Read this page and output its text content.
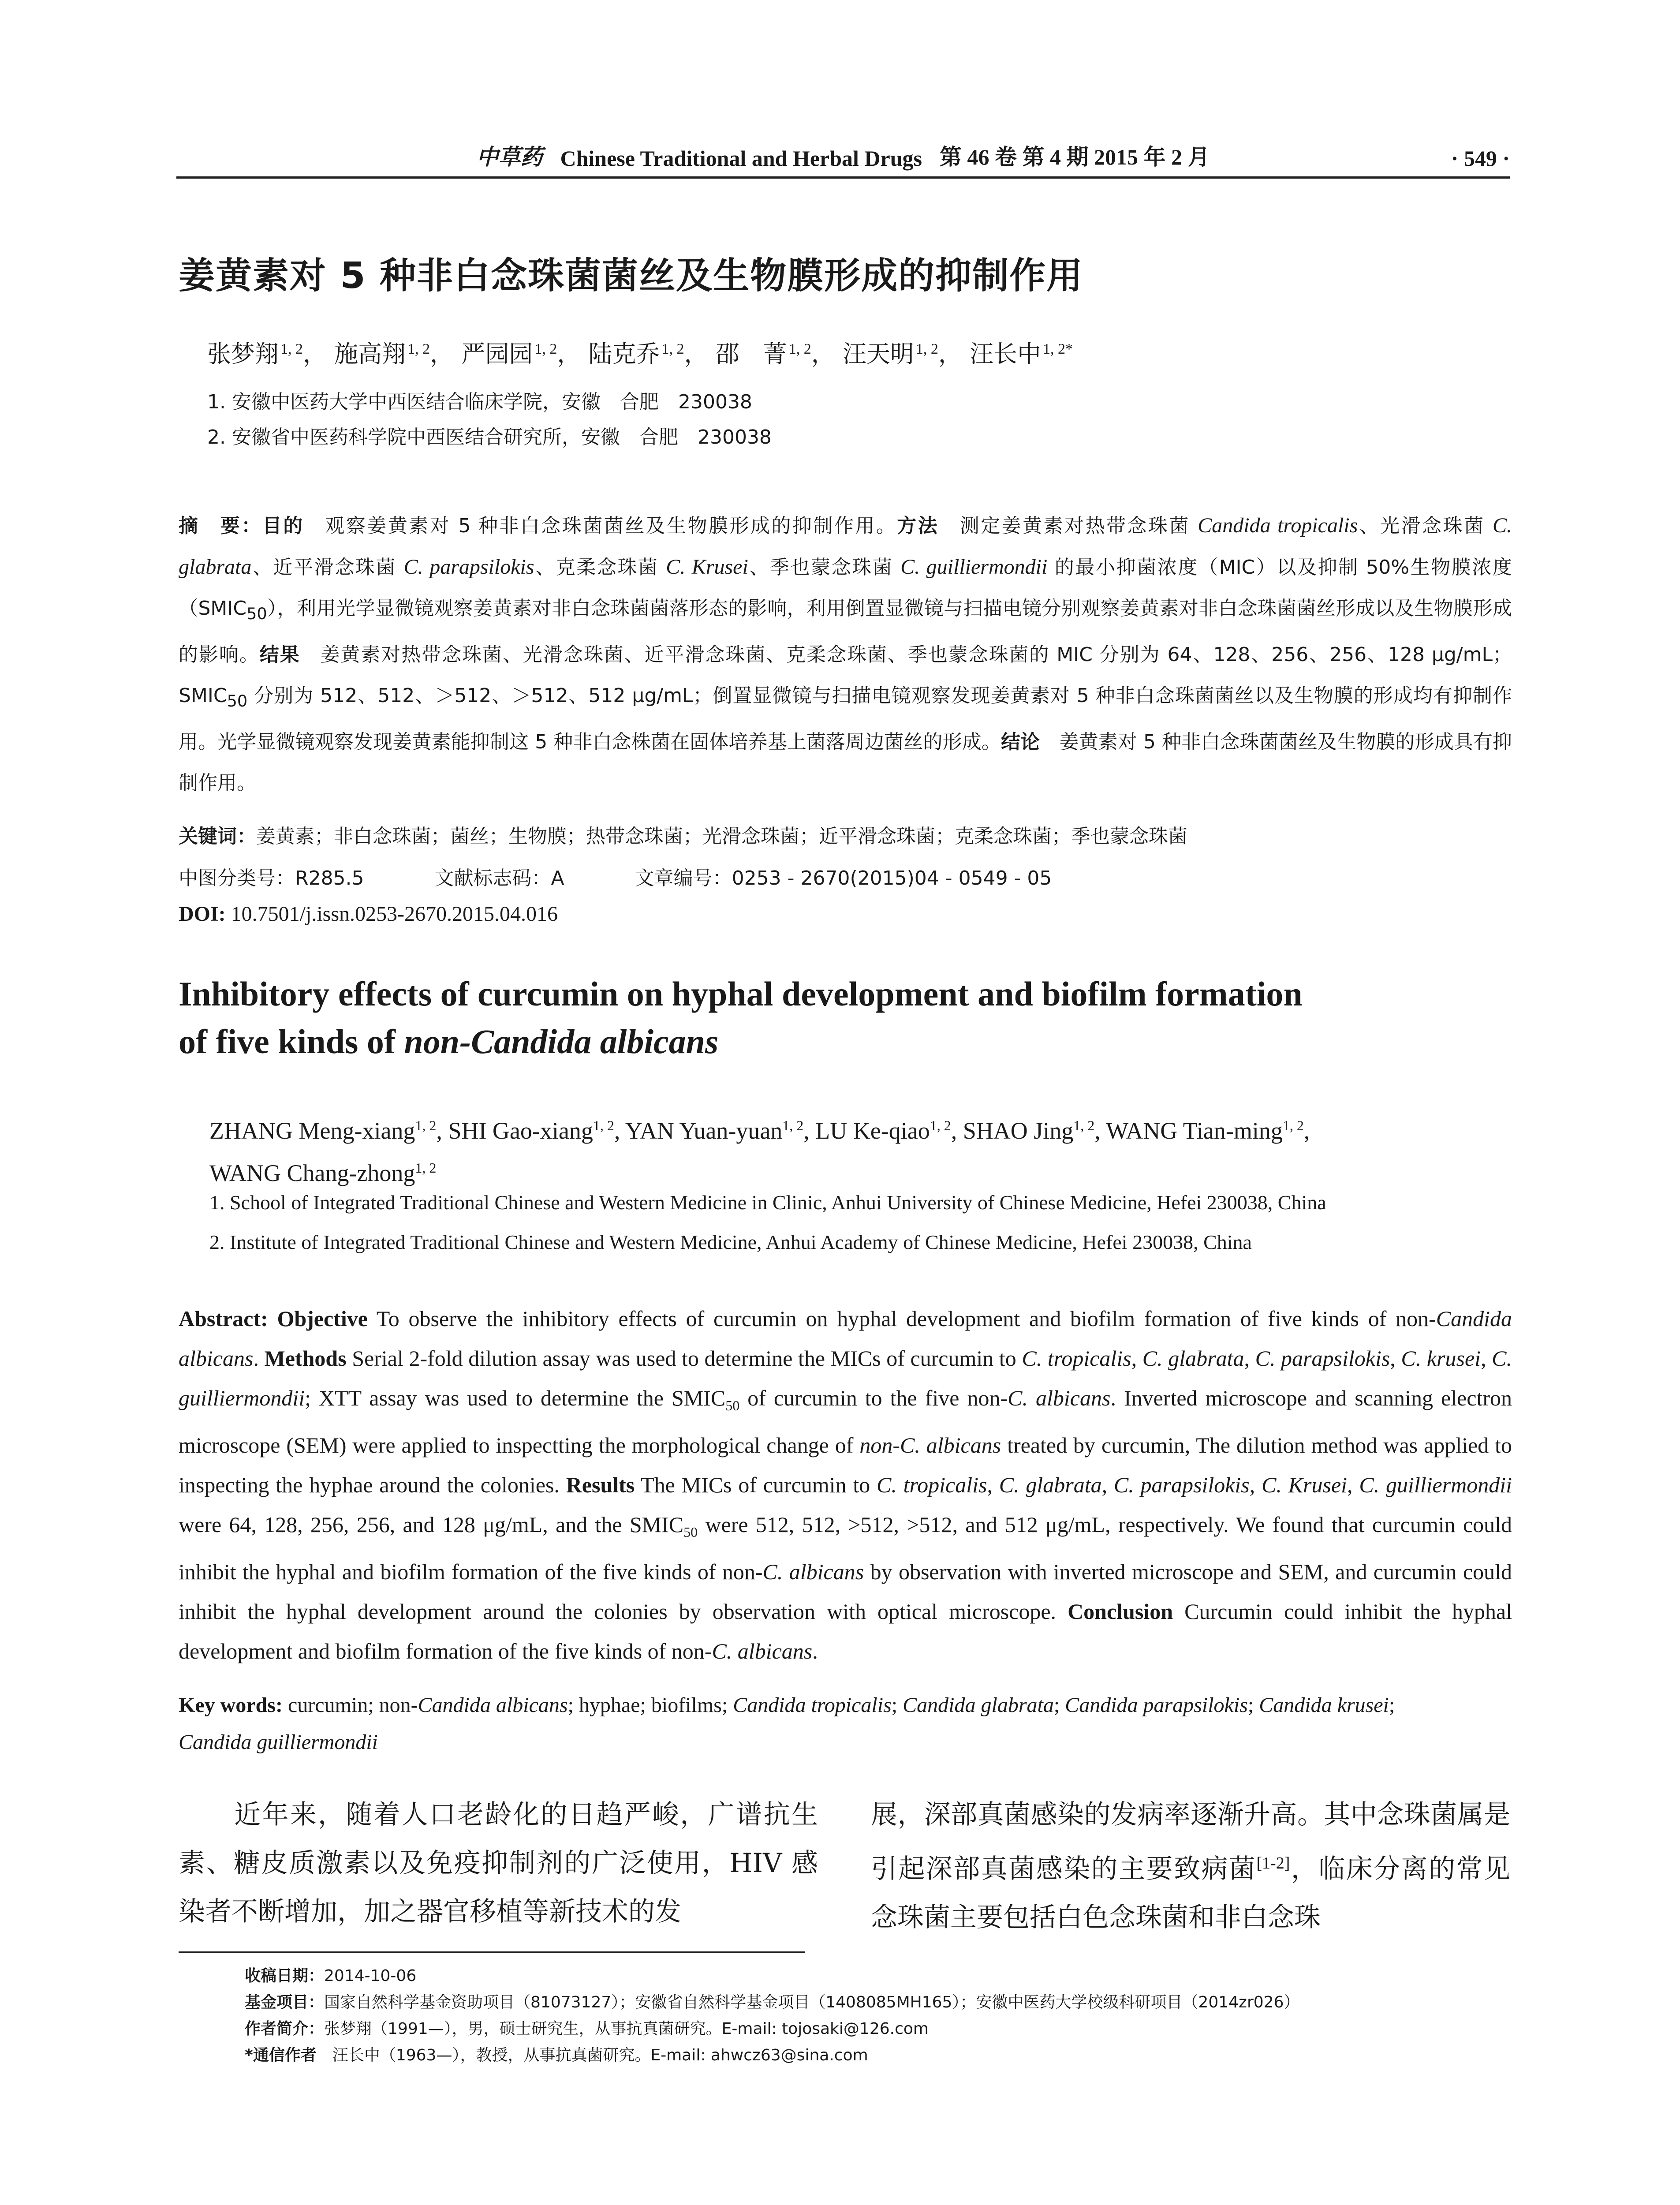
中草药 Chinese Traditional and Herbal Drugs 第 46 卷 第 4 期 2015 年 2 月	· 549 ·
姜黄素对 5 种非白念珠菌菌丝及生物膜形成的抑制作用

张梦翔 $^{1, 2}$， 施高翔 $^{1, 2}$， 严园园 $^{1, 2}$， 陆克乔 $^{1, 2}$， 邵　菁 $^{1, 2}$， 汪天明 $^{1, 2}$， 汪长中 $^{1, 2*}$

1. 安徽中医药大学中西医结合临床学院，安徽　合肥　230038

2. 安徽省中医药科学院中西医结合研究所，安徽　合肥　230038

摘　要：目的　 观察姜黄素对 5 种非白念珠菌菌丝及生物膜形成的抑制作用。方法　 测定姜黄素对热带念珠菌 Candida tropicalis、光滑念珠菌 C. glabrata、近平滑念珠菌 C. parapsilokis、克柔念珠菌 C. Krusei、季也蒙念珠菌 C. guilliermondii 的最小抑菌浓度（MIC）以及抑制 50%生物膜浓度$(SMIC_{50})$，利用光学显微镜观察姜黄素对非白念珠菌菌落形态的影响，利用倒置显微镜与扫描电镜分别观察姜黄素对非白念珠菌菌丝形成以及生物膜形成的影响。结果　 姜黄素对热带念珠菌、光滑念珠菌、近平滑念珠菌、克柔念珠菌、季也蒙念珠菌的 MIC 分别为 64、128、256、256、128 μg/mL；$SMIC_{50}$ 分别为 512、512、＞512、＞512、512 μg/mL；倒置显微镜与扫描电镜观察发现姜黄素对 5 种非白念珠菌菌丝以及生物膜的形成均有抑制作用。光学显微镜观察发现姜黄素能抑制这 5 种非白念株菌在固体培养基上菌落周边菌丝的形成。结论　 姜黄素对 5 种非白念珠菌菌丝及生物膜的形成具有抑制作用。

关键词：姜黄素；非白念珠菌；菌丝；生物膜；热带念珠菌；光滑念珠菌；近平滑念珠菌；克柔念珠菌；季也蒙念珠菌

中图分类号：R285.5	文献标志码：A	文章编号：0253 - 2670(2015)04 - 0549 - 05

DOI: 10.7501/j.issn.0253-2670.2015.04.016

Inhibitory effects of curcumin on hyphal development and biofilm formation
of five kinds of non-Candida albicans

ZHANG Meng-xiang$^{1, 2}$, SHI Gao-xiang$^{1, 2}$, YAN Yuan-yuan$^{1, 2}$, LU Ke-qiao$^{1, 2}$, SHAO Jing$^{1, 2}$, WANG Tian-ming$^{1, 2}$,
WANG Chang-zhong$^{1, 2}$

1. School of Integrated Traditional Chinese and Western Medicine in Clinic, Anhui University of Chinese Medicine, Hefei 230038, China

2. Institute of Integrated Traditional Chinese and Western Medicine, Anhui Academy of Chinese Medicine, Hefei 230038, China

Abstract: Objective To observe the inhibitory effects of curcumin on hyphal development and biofilm formation of five kinds of non-Candida albicans. Methods Serial 2-fold dilution assay was used to determine the MICs of curcumin to C. tropicalis, C. glabrata, C. parapsilokis, C. krusei, C. guilliermondii; XTT assay was used to determine the $SMIC_{50}$ of curcumin to the five non-C. albicans. Inverted microscope and scanning electron microscope (SEM) were applied to inspectting the morphological change of non-C. albicans treated by curcumin, The dilution method was applied to inspecting the hyphae around the colonies. Results The MICs of curcumin to C. tropicalis, C. glabrata, C. parapsilokis, C. Krusei, C. guilliermondii were 64, 128, 256, 256, and 128 μg/mL, and the $SMIC_{50}$ were 512, 512, >512, >512, and 512 μg/mL, respectively. We found that curcumin could inhibit the hyphal and biofilm formation of the five kinds of non-C. albicans by observation with inverted microscope and SEM, and curcumin could inhibit the hyphal development around the colonies by observation with optical microscope. Conclusion Curcumin could inhibit the hyphal development and biofilm formation of the five kinds of non-C. albicans.

Key words: curcumin; non-Candida albicans; hyphae; biofilms; Candida tropicalis; Candida glabrata; Candida parapsilokis; Candida krusei;
Candida guilliermondii

　　近年来，随着人口老龄化的日趋严峻，广谱抗生素、糖皮质激素以及免疫抑制剂的广泛使用，HIV 感染者不断增加，加之器官移植等新技术的发

展，深部真菌感染的发病率逐渐升高。其中念珠菌属是引起深部真菌感染的主要致病菌[1-2]，临床分离的常见念珠菌主要包括白色念珠菌和非白念珠

收稿日期：2014-10-06

基金项目：国家自然科学基金资助项目（81073127）；安徽省自然科学基金项目（1408085MH165）；安徽中医药大学校级科研项目（2014zr026）

作者简介：张梦翔（1991—），男，硕士研究生，从事抗真菌研究。E-mail: tojosaki@126.com

*通信作者　汪长中（1963—），教授，从事抗真菌研究。E-mail: ahwcz63@sina.com
